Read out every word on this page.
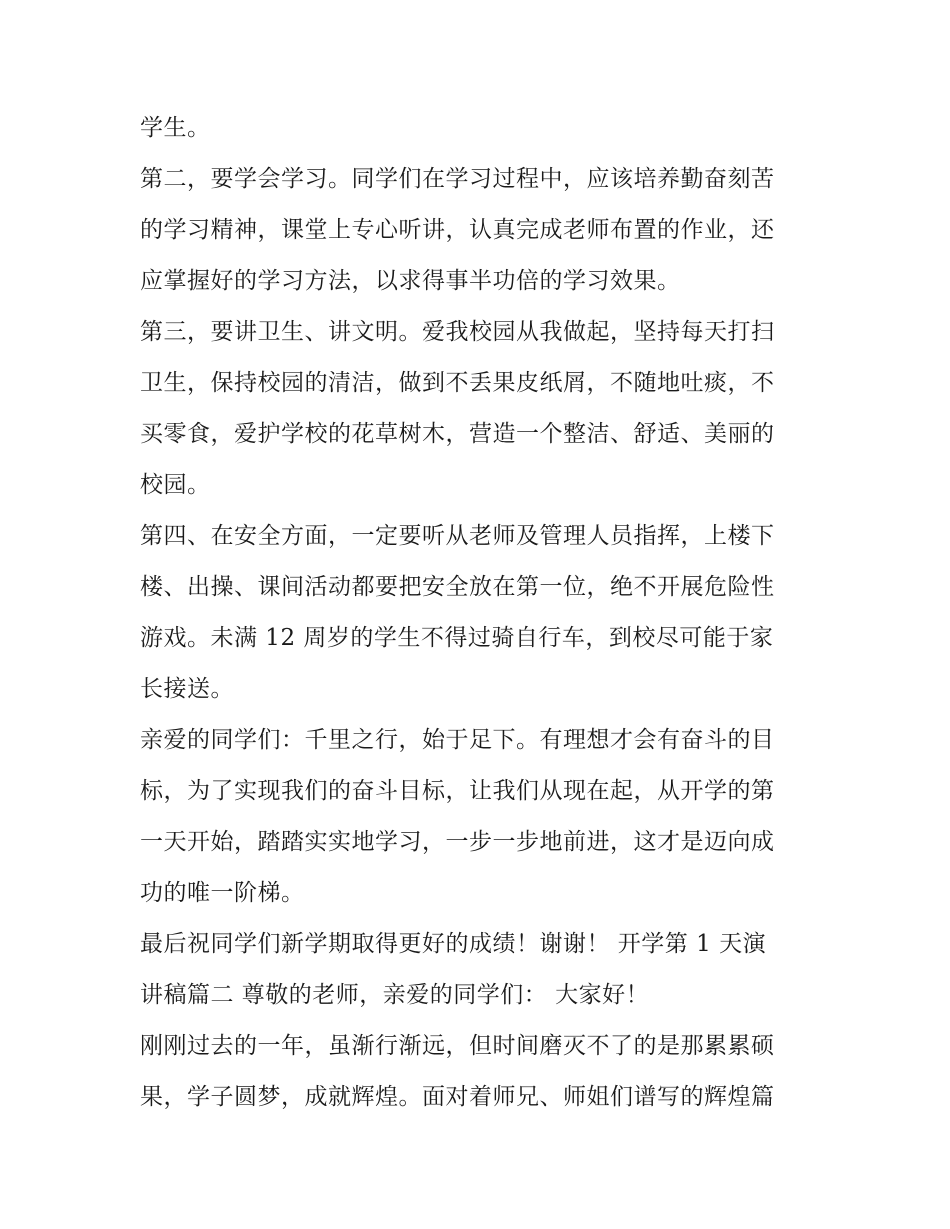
学生。
第二，要学会学习。同学们在学习过程中，应该培养勤奋刻苦
的学习精神，课堂上专心听讲，认真完成老师布置的作业，还
应掌握好的学习方法，以求得事半功倍的学习效果。
第三，要讲卫生、讲文明。爱我校园从我做起，坚持每天打扫
卫生，保持校园的清洁，做到不丢果皮纸屑，不随地吐痰，不
买零食，爱护学校的花草树木，营造一个整洁、舒适、美丽的
校园。
第四、在安全方面，一定要听从老师及管理人员指挥，上楼下
楼、出操、课间活动都要把安全放在第一位，绝不开展危险性
游戏。未满 12 周岁的学生不得过骑自行车，到校尽可能于家
长接送。
亲爱的同学们：千里之行，始于足下。有理想才会有奋斗的目
标，为了实现我们的奋斗目标，让我们从现在起，从开学的第
一天开始，踏踏实实地学习，一步一步地前进，这才是迈向成
功的唯一阶梯。
最后祝同学们新学期取得更好的成绩！谢谢！ 开学第 1 天演
讲稿篇二 尊敬的老师，亲爱的同学们： 大家好！
刚刚过去的一年，虽渐行渐远，但时间磨灭不了的是那累累硕
果，学子圆梦，成就辉煌。面对着师兄、师姐们谱写的辉煌篇
